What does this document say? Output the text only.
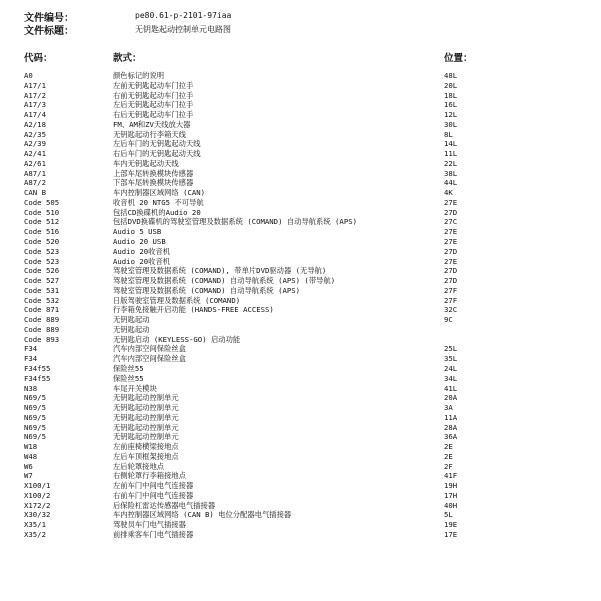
文件编号：	pe80.61-p-2101-97iaa
文件标题：	无钥匙起动控制单元电路图
代码：	款式：	位置：
A0	颜色标记的说明	48L
A17/1	左前无钥匙起动车门拉手	20L
A17/2	右前无钥匙起动车门拉手	18L
A17/3	左后无钥匙起动车门拉手	16L
A17/4	右后无钥匙起动车门拉手	12L
A2/18	FM、AM和ZV天线放大器	30L
A2/35	无钥匙起动行李箱天线	8L
A2/39	左后车门的无钥匙起动天线	14L
A2/41	右后车门的无钥匙起动天线	11L
A2/61	车内无钥匙起动天线	22L
A87/1	上部车尾转换模块传感器	38L
A87/2	下部车尾转换模块传感器	44L
CAN B	车内控制器区域网络 (CAN)	4K
Code 505	收音机 20 NTG5 不可导航	27E
Code 510	包括CD换碟机的Audio 20	27D
Code 512	包括DVD换碟机的驾驶室管理及数据系统 (COMAND) 自动导航系统 (APS)	27C
Code 516	Audio 5 USB	27E
Code 520	Audio 20 USB	27E
Code 523	Audio 20收音机	27D
Code 523	Audio 20收音机	27E
Code 526	驾驶室管理及数据系统 (COMAND), 带单片DVD驱动器 (无导航)	27D
Code 527	驾驶室管理及数据系统 (COMAND) 自动导航系统 (APS) (带导航)	27D
Code 531	驾驶室管理及数据系统 (COMAND) 自动导航系统 (APS)	27F
Code 532	日版驾驶室管理及数据系统 (COMAND)	27F
Code 871	行李箱免接触开启功能 (HANDS-FREE ACCESS)	32C
Code 889	无钥匙起动	9C
Code 889	无钥匙起动
Code 893	无钥匙启动 (KEYLESS-GO) 启动功能
F34	汽车内部空间保险丝盒	25L
F34	汽车内部空间保险丝盒	35L
F34f55	保险丝55	24L
F34f55	保险丝55	34L
N38	车尾开关模块	41L
N69/5	无钥匙起动控制单元	20A
N69/5	无钥匙起动控制单元	3A
N69/5	无钥匙起动控制单元	11A
N69/5	无钥匙起动控制单元	28A
N69/5	无钥匙起动控制单元	36A
W18	左前座椅横梁接地点	2E
W48	左后车顶框架接地点	2E
W6	左后轮罩接地点	2F
W7	右侧轮罩行李箱接地点	41F
X100/1	左前车门中间电气连接器	19H
X100/2	右前车门中间电气连接器	17H
X172/2	后保险杠雷达传感器电气插接器	40H
X30/32	车内控制器区域网络 (CAN B) 电位分配器电气插接器	5L
X35/1	驾驶员车门电气插接器	19E
X35/2	前排乘客车门电气插接器	17E
